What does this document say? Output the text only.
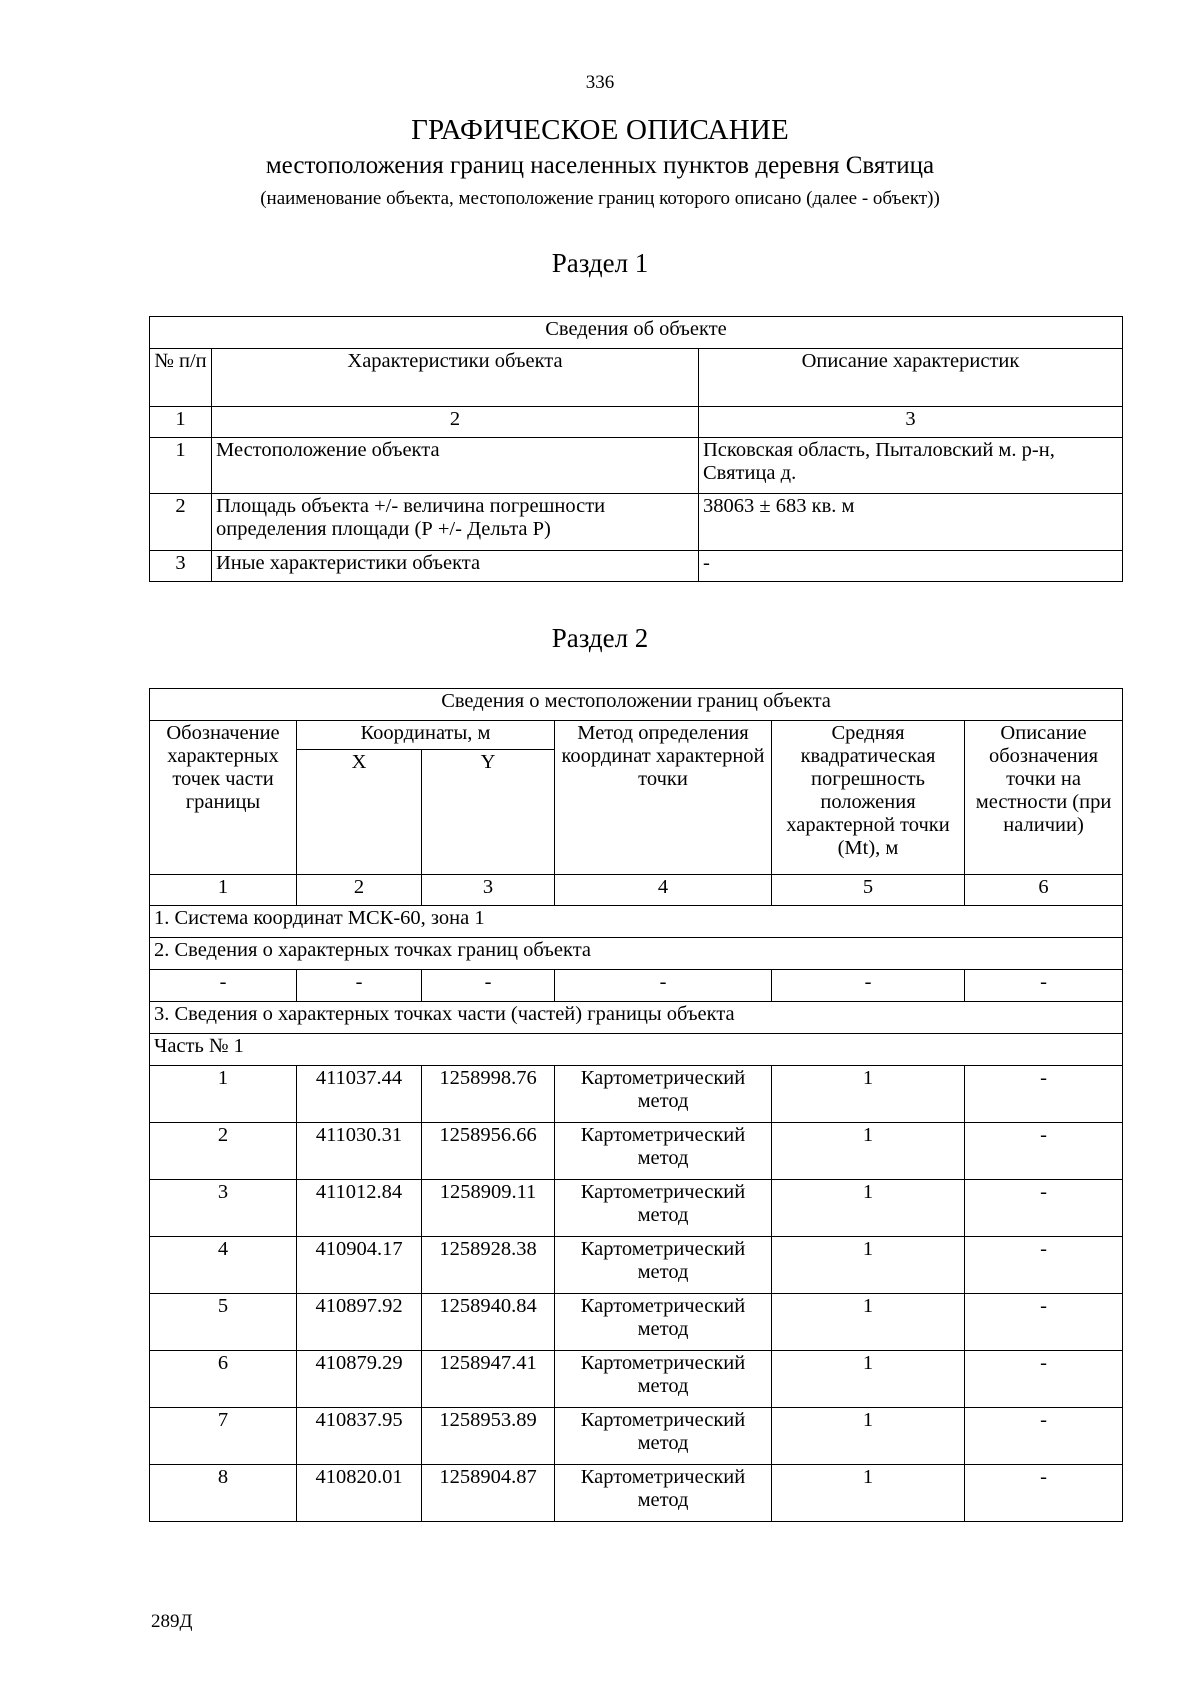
336
ГРАФИЧЕСКОЕ ОПИСАНИЕ
местоположения границ населенных пунктов деревня Святица
(наименование объекта, местоположение границ которого описано (далее - объект))
Раздел 1
Сведения об объекте		
№ п/п	Характеристики объекта	Описание характеристик
1	2	3
1	Местоположение объекта	Псковская область, Пыталовский м. р-н, Святица д.
2	Площадь объекта +/- величина погрешности определения площади (Р +/- Дельта Р)	38063 ± 683 кв. м
3	Иные характеристики объекта	-
Раздел 2
Сведения о местоположении границ объекта					
Обозначение характерных точек части границы	Координаты, м		Метод определения координат характерной точки	Средняя квадратическая погрешность положения характерной точки (Mt), м	Описание обозначения точки на местности (при наличии)
	X	Y			
1	2	3	4	5	6
1. Система координат МСК-60, зона 1					
2. Сведения о характерных точках границ объекта					
-	-	-	-	-	-
3. Сведения о характерных точках части (частей) границы объекта					
Часть № 1					
1	411037.44	1258998.76	Картометрический метод	1	-
2	411030.31	1258956.66	Картометрический метод	1	-
3	411012.84	1258909.11	Картометрический метод	1	-
4	410904.17	1258928.38	Картометрический метод	1	-
5	410897.92	1258940.84	Картометрический метод	1	-
6	410879.29	1258947.41	Картометрический метод	1	-
7	410837.95	1258953.89	Картометрический метод	1	-
8	410820.01	1258904.87	Картометрический метод	1	-
289Д
